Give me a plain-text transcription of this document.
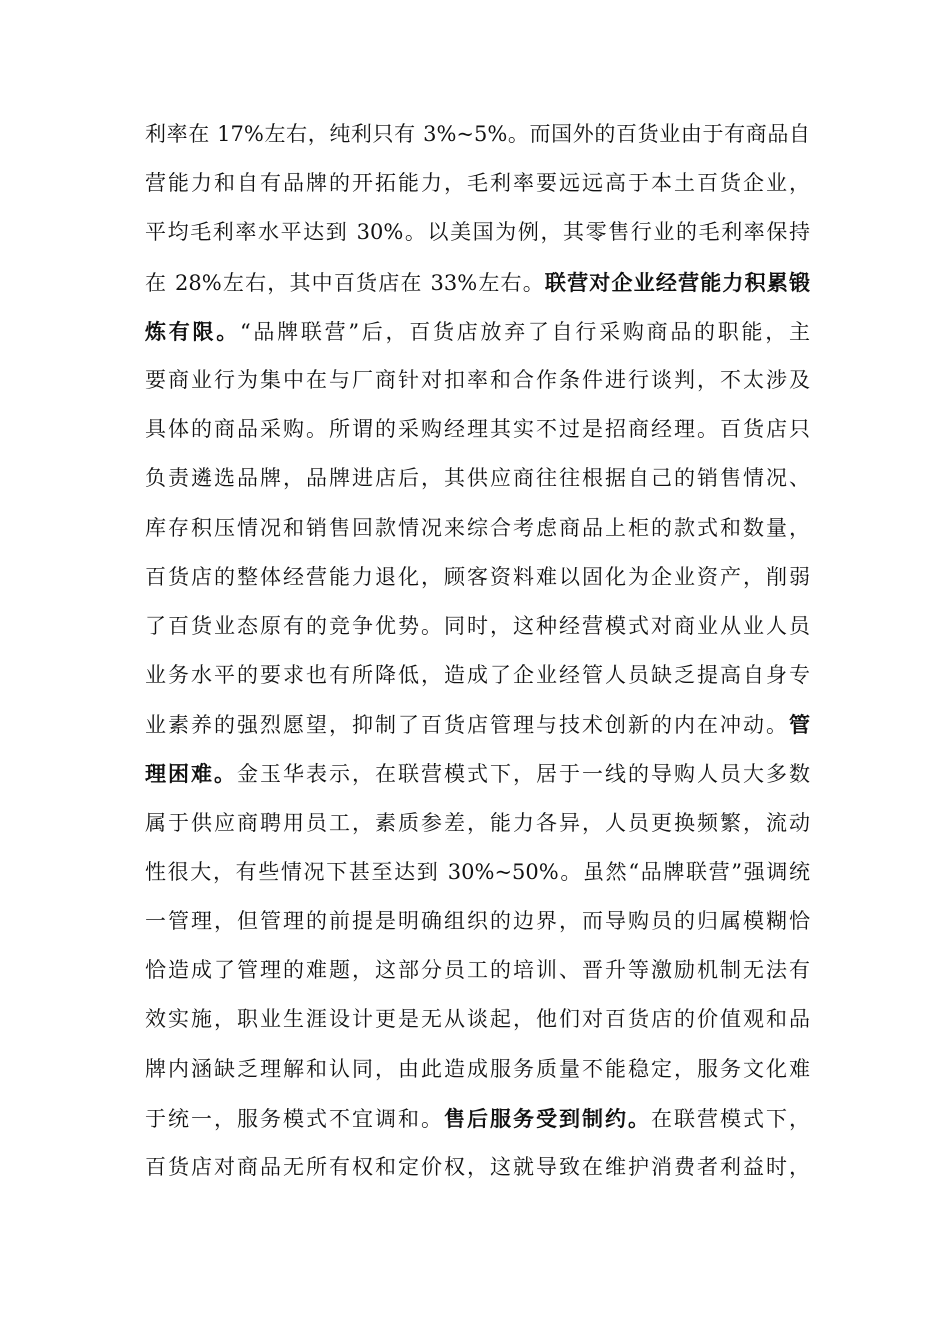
利率在 17%左右，纯利只有 3%~5%。而国外的百货业由于有商品自
营能力和自有品牌的开拓能力，毛利率要远远高于本土百货企业，
平均毛利率水平达到 30%。以美国为例，其零售行业的毛利率保持
在 28%左右，其中百货店在 33%左右。联营对企业经营能力积累锻
炼有限。“品牌联营”后，百货店放弃了自行采购商品的职能，主
要商业行为集中在与厂商针对扣率和合作条件进行谈判，不太涉及
具体的商品采购。所谓的采购经理其实不过是招商经理。百货店只
负责遴选品牌，品牌进店后，其供应商往往根据自己的销售情况、
库存积压情况和销售回款情况来综合考虑商品上柜的款式和数量，
百货店的整体经营能力退化，顾客资料难以固化为企业资产，削弱
了百货业态原有的竞争优势。同时，这种经营模式对商业从业人员
业务水平的要求也有所降低，造成了企业经管人员缺乏提高自身专
业素养的强烈愿望，抑制了百货店管理与技术创新的内在冲动。管
理困难。金玉华表示，在联营模式下，居于一线的导购人员大多数
属于供应商聘用员工，素质参差，能力各异，人员更换频繁，流动
性很大，有些情况下甚至达到 30%~50%。虽然“品牌联营”强调统
一管理，但管理的前提是明确组织的边界，而导购员的归属模糊恰
恰造成了管理的难题，这部分员工的培训、晋升等激励机制无法有
效实施，职业生涯设计更是无从谈起，他们对百货店的价值观和品
牌内涵缺乏理解和认同，由此造成服务质量不能稳定，服务文化难
于统一，服务模式不宜调和。售后服务受到制约。在联营模式下，
百货店对商品无所有权和定价权，这就导致在维护消费者利益时，
